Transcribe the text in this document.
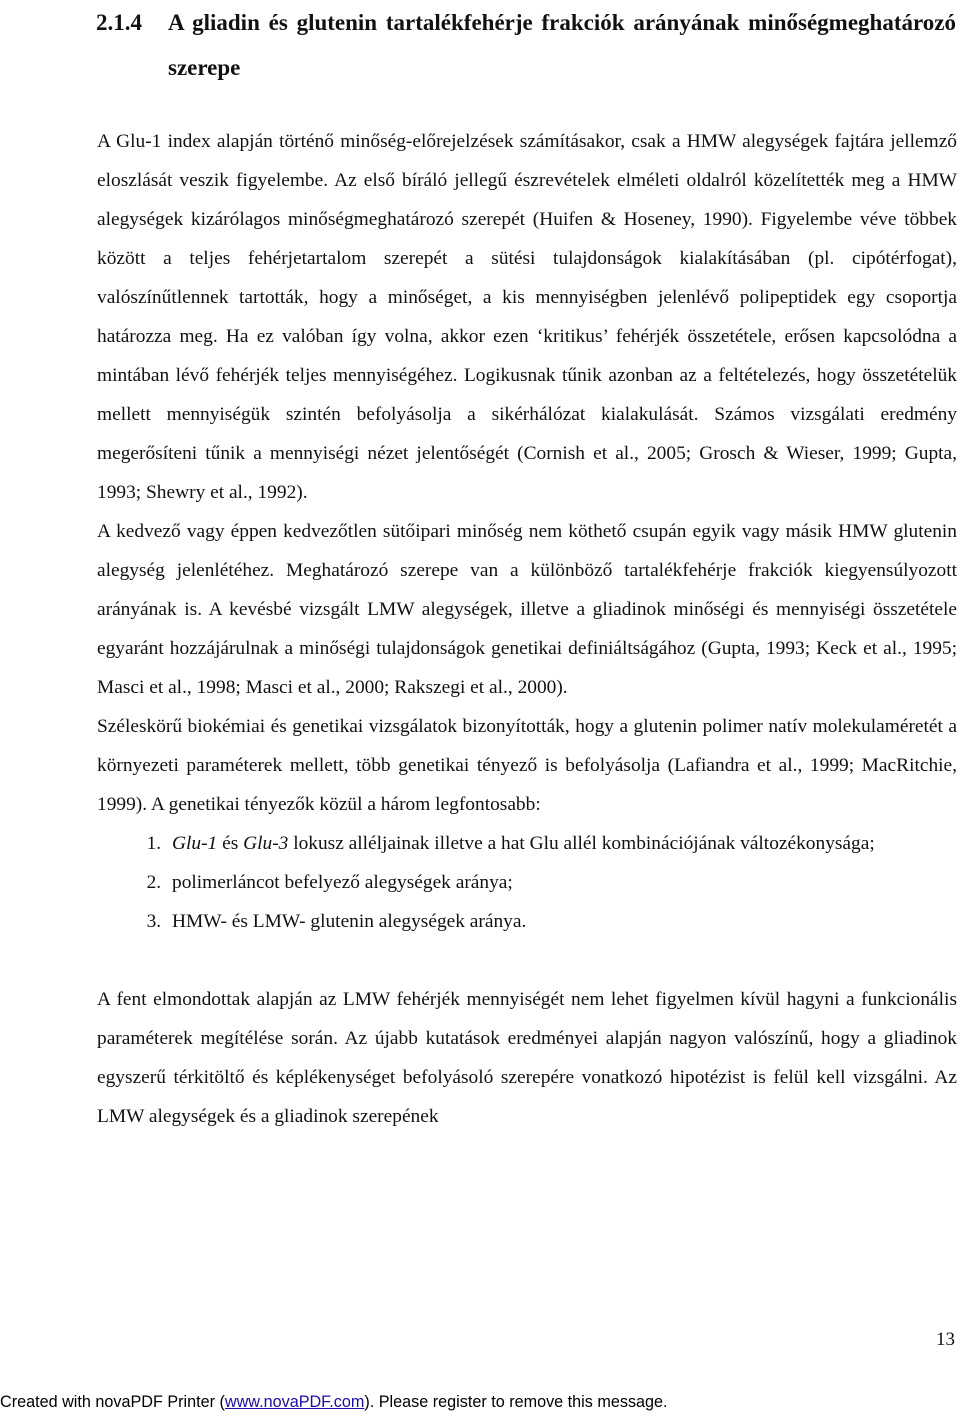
2.1.4 A gliadin és glutenin tartalékfehérje frakciók arányának minőségmeghatározó szerepe

A Glu-1 index alapján történő minőség-előrejelzések számításakor, csak a HMW alegységek fajtára jellemző eloszlását veszik figyelembe. Az első bíráló jellegű észrevételek elméleti oldalról közelítették meg a HMW alegységek kizárólagos minőségmeghatározó szerepét (Huifen & Hoseney, 1990). Figyelembe véve többek között a teljes fehérjetartalom szerepét a sütési tulajdonságok kialakításában (pl. cipótérfogat), valószínűtlennek tartották, hogy a minőséget, a kis mennyiségben jelenlévő polipeptidek egy csoportja határozza meg. Ha ez valóban így volna, akkor ezen ‘kritikus’ fehérjék összetétele, erősen kapcsolódna a mintában lévő fehérjék teljes mennyiségéhez. Logikusnak tűnik azonban az a feltételezés, hogy összetételük mellett mennyiségük szintén befolyásolja a sikérhálózat kialakulását. Számos vizsgálati eredmény megerősíteni tűnik a mennyiségi nézet jelentőségét (Cornish et al., 2005; Grosch & Wieser, 1999; Gupta, 1993; Shewry et al., 1992).

A kedvező vagy éppen kedvezőtlen sütőipari minőség nem köthető csupán egyik vagy másik HMW glutenin alegység jelenlétéhez. Meghatározó szerepe van a különböző tartalékfehérje frakciók kiegyensúlyozott arányának is. A kevésbé vizsgált LMW alegységek, illetve a gliadinok minőségi és mennyiségi összetétele egyaránt hozzájárulnak a minőségi tulajdonságok genetikai definiáltságához (Gupta, 1993; Keck et al., 1995; Masci et al., 1998; Masci et al., 2000; Rakszegi et al., 2000).

Széleskörű biokémiai és genetikai vizsgálatok bizonyították, hogy a glutenin polimer natív molekulaméretét a környezeti paraméterek mellett, több genetikai tényező is befolyásolja (Lafiandra et al., 1999; MacRitchie, 1999). A genetikai tényezők közül a három legfontosabb:

1. Glu-1 és Glu-3 lokusz alléljainak illetve a hat Glu allél kombinációjának változékonysága;
2. polimerláncot befelyező alegységek aránya;
3. HMW- és LMW- glutenin alegységek aránya.

A fent elmondottak alapján az LMW fehérjék mennyiségét nem lehet figyelmen kívül hagyni a funkcionális paraméterek megítélése során. Az újabb kutatások eredményei alapján nagyon valószínű, hogy a gliadinok egyszerű térkitöltő és képlékenységet befolyásoló szerepére vonatkozó hipotézist is felül kell vizsgálni. Az LMW alegységek és a gliadinok szerepének

13
Created with novaPDF Printer (www.novaPDF.com). Please register to remove this message.
